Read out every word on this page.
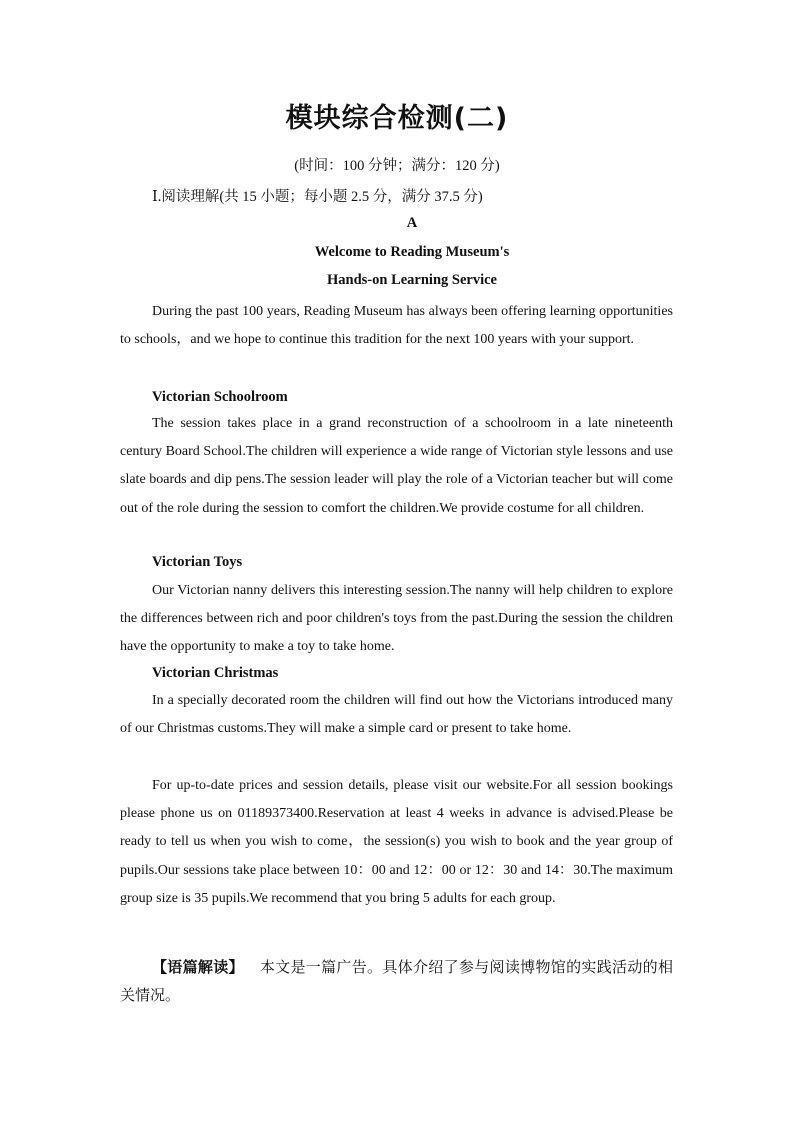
模块综合检测(二)
(时间：100 分钟；满分：120 分)
Ⅰ.阅读理解(共 15 小题；每小题 2.5 分，满分 37.5 分)
A
Welcome to Reading Museum's
Hands-on Learning Service
During the past 100 years, Reading Museum has always been offering learning opportunities to schools，and we hope to continue this tradition for the next 100 years with your support.
Victorian Schoolroom
The session takes place in a grand reconstruction of a schoolroom in a late nineteenth century Board School.The children will experience a wide range of Victorian style lessons and use slate boards and dip pens.The session leader will play the role of a Victorian teacher but will come out of the role during the session to comfort the children.We provide costume for all children.
Victorian Toys
Our Victorian nanny delivers this interesting session.The nanny will help children to explore the differences between rich and poor children's toys from the past.During the session the children have the opportunity to make a toy to take home.
Victorian Christmas
In a specially decorated room the children will find out how the Victorians introduced many of our Christmas customs.They will make a simple card or present to take home.
For up-to-date prices and session details, please visit our website.For all session bookings please phone us on 01189373400.Reservation at least 4 weeks in advance is advised.Please be ready to tell us when you wish to come，the session(s) you wish to book and the year group of pupils.Our sessions take place between 10：00 and 12：00 or 12：30 and 14：30.The maximum group size is 35 pupils.We recommend that you bring 5 adults for each group.
【语篇解读】 本文是一篇广告。具体介绍了参与阅读博物馆的实践活动的相关情况。
